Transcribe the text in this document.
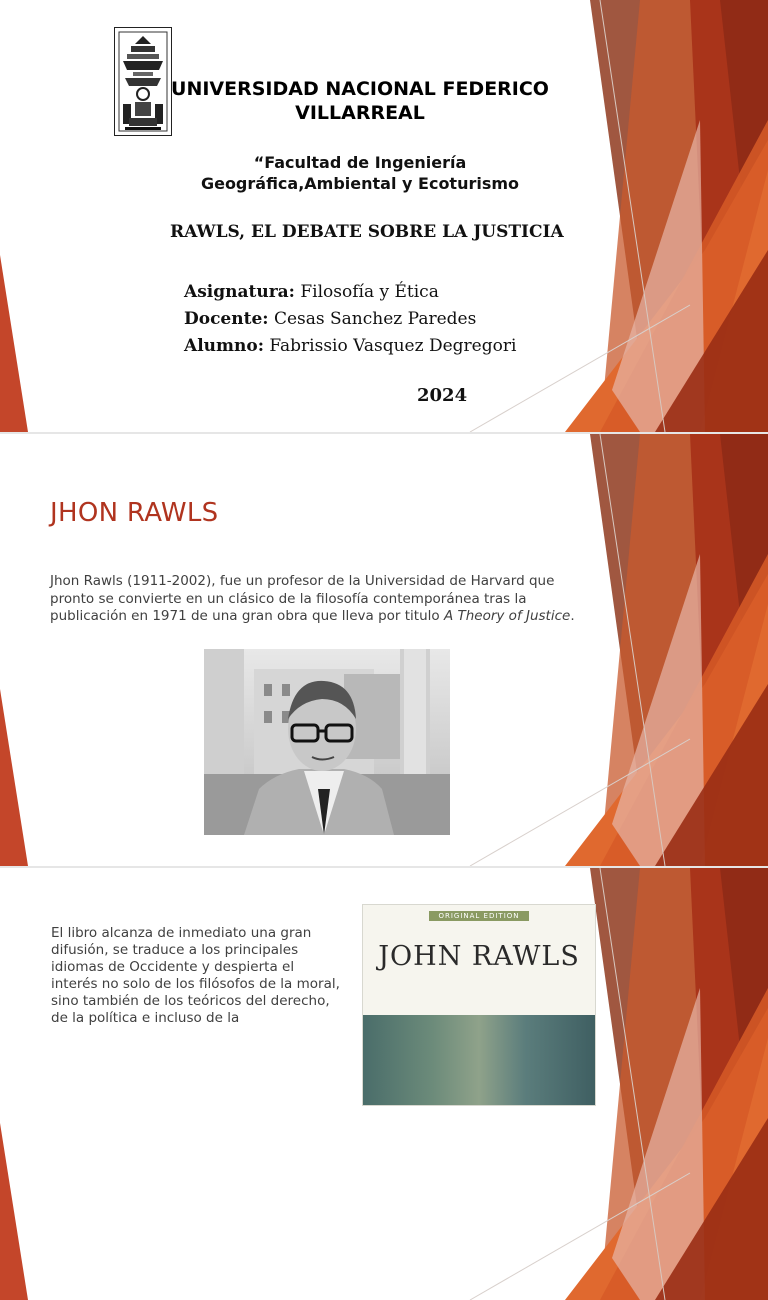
UNIVERSIDAD NACIONAL FEDERICO VILLARREAL
“Facultad de Ingeniería Geográfica,Ambiental y Ecoturismo
RAWLS, EL DEBATE SOBRE LA JUSTICIA
Asignatura: Filosofía y Ética
Docente: Cesas Sanchez Paredes
Alumno: Fabrissio Vasquez Degregori
2024
JHON RAWLS
Jhon Rawls (1911-2002), fue un profesor de la Universidad de Harvard que pronto se convierte en un clásico de la filosofía contemporánea tras la publicación en 1971 de una gran obra que lleva por titulo A Theory of Justice.
El libro alcanza de inmediato una gran difusión, se traduce a los principales idiomas de Occidente y despierta el interés no solo de los filósofos de la moral, sino también de los teóricos del derecho, de la política e incluso de la
ORIGINAL EDITION
JOHN RAWLS
